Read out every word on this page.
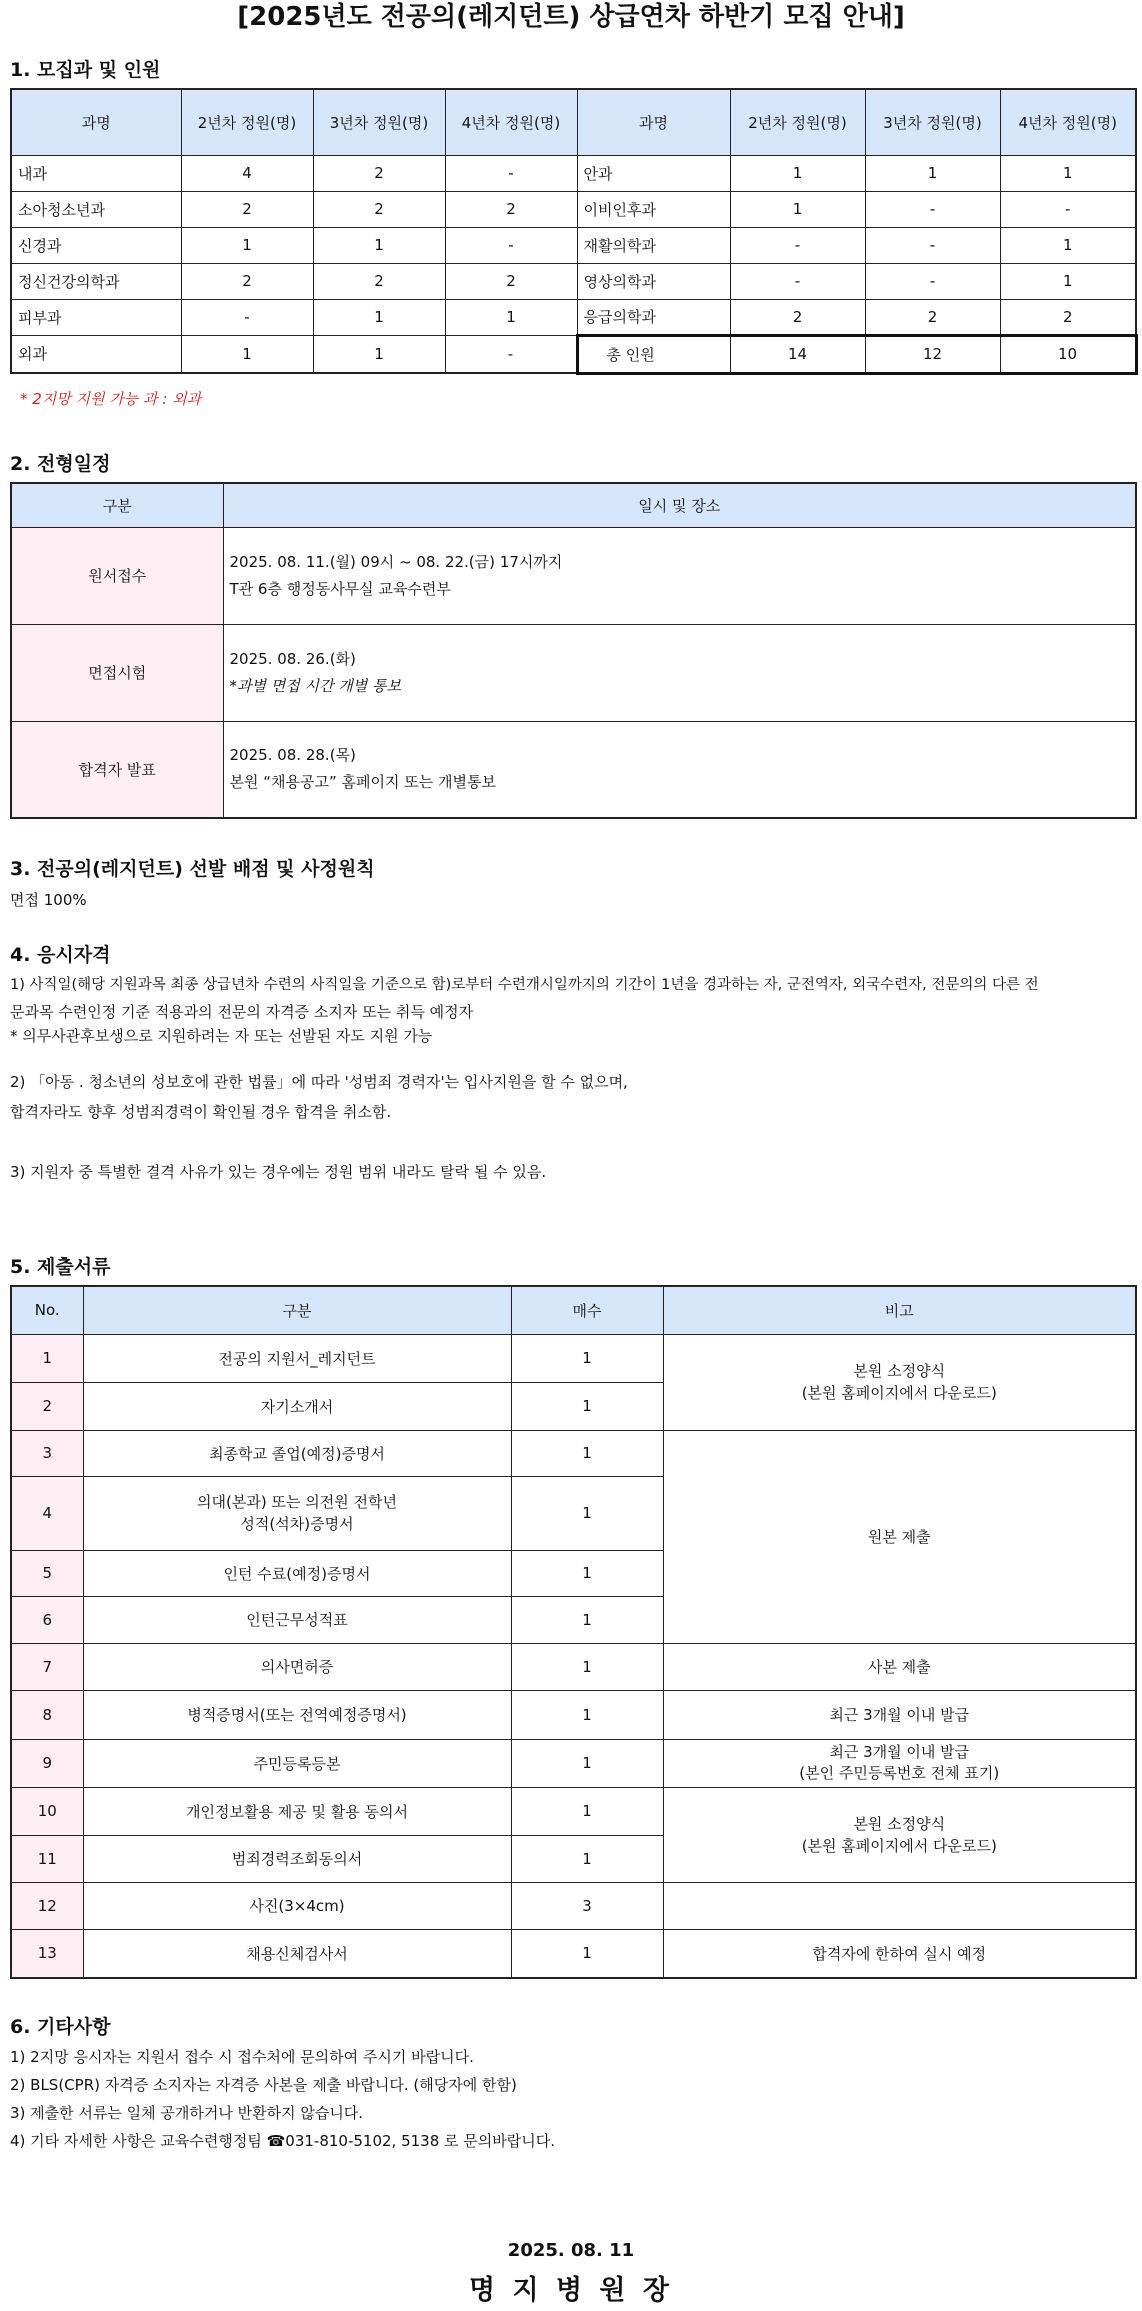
[2025년도 전공의(레지던트) 상급연차 하반기 모집 안내]
1. 모집과 및 인원
과명	2년차 정원(명)	3년차 정원(명)	4년차 정원(명)	과명	2년차 정원(명)	3년차 정원(명)	4년차 정원(명)
내과	4	2	-	안과	1	1	1
소아청소년과	2	2	2	이비인후과	1	-	-
신경과	1	1	-	재활의학과	-	-	1
정신건강의학과	2	2	2	영상의학과	-	-	1
피부과	-	1	1	응급의학과	2	2	2
외과	1	1	-	총 인원	14	12	10
* 2지망 지원 가능 과 : 외과
2. 전형일정
구분	일시 및 장소
원서접수	2025. 08. 11.(월) 09시 ~ 08. 22.(금) 17시까지
T관 6층 행정동사무실 교육수련부

면접시험	2025. 08. 26.(화)
*과별 면접 시간 개별 통보

합격자 발표	2025. 08. 28.(목)
본원 “채용공고” 홈페이지 또는 개별통보
3. 전공의(레지던트) 선발 배점 및 사정원칙
면접 100%
4. 응시자격
1) 사직일(해당 지원과목 최종 상급년차 수련의 사직일을 기준으로 함)로부터 수련개시일까지의 기간이 1년을 경과하는 자, 군전역자, 외국수련자, 전문의의 다른 전
문과목 수련인정 기준 적용과의 전문의 자격증 소지자 또는 취득 예정자
* 의무사관후보생으로 지원하려는 자 또는 선발된 자도 지원 가능
2) 「아동 . 청소년의 성보호에 관한 법률」에 따라 '성범죄 경력자'는 입사지원을 할 수 없으며,
합격자라도 향후 성범죄경력이 확인될 경우 합격을 취소함.
3) 지원자 중 특별한 결격 사유가 있는 경우에는 정원 범위 내라도 탈락 될 수 있음.
5. 제출서류
No.	구분	매수	비고
1	전공의 지원서_레지던트	1	본원 소정양식
(본원 홈페이지에서 다운로드)

2	자기소개서	1	
3	최종학교 졸업(예정)증명서	1	원본 제출
4	의대(본과) 또는 의전원 전학년
성적(석차)증명서	1	
5	인턴 수료(예정)증명서	1	
6	인턴근무성적표	1	
7	의사면허증	1	사본 제출
8	병적증명서(또는 전역예정증명서)	1	최근 3개월 이내 발급
9	주민등록등본	1	최근 3개월 이내 발급
(본인 주민등록번호 전체 표기)

10	개인정보활용 제공 및 활용 동의서	1	본원 소정양식
(본원 홈페이지에서 다운로드)

11	범죄경력조회동의서	1	
12	사진(3×4cm)	3	
13	채용신체검사서	1	합격자에 한하여 실시 예정
6. 기타사항
1) 2지망 응시자는 지원서 접수 시 접수처에 문의하여 주시기 바랍니다.
2) BLS(CPR) 자격증 소지자는 자격증 사본을 제출 바랍니다. (해당자에 한함)
3) 제출한 서류는 일체 공개하거나 반환하지 않습니다.
4) 기타 자세한 사항은 교육수련행정팀 ☎031-810-5102, 5138 로 문의바랍니다.
2025. 08. 11
명 지 병 원 장
